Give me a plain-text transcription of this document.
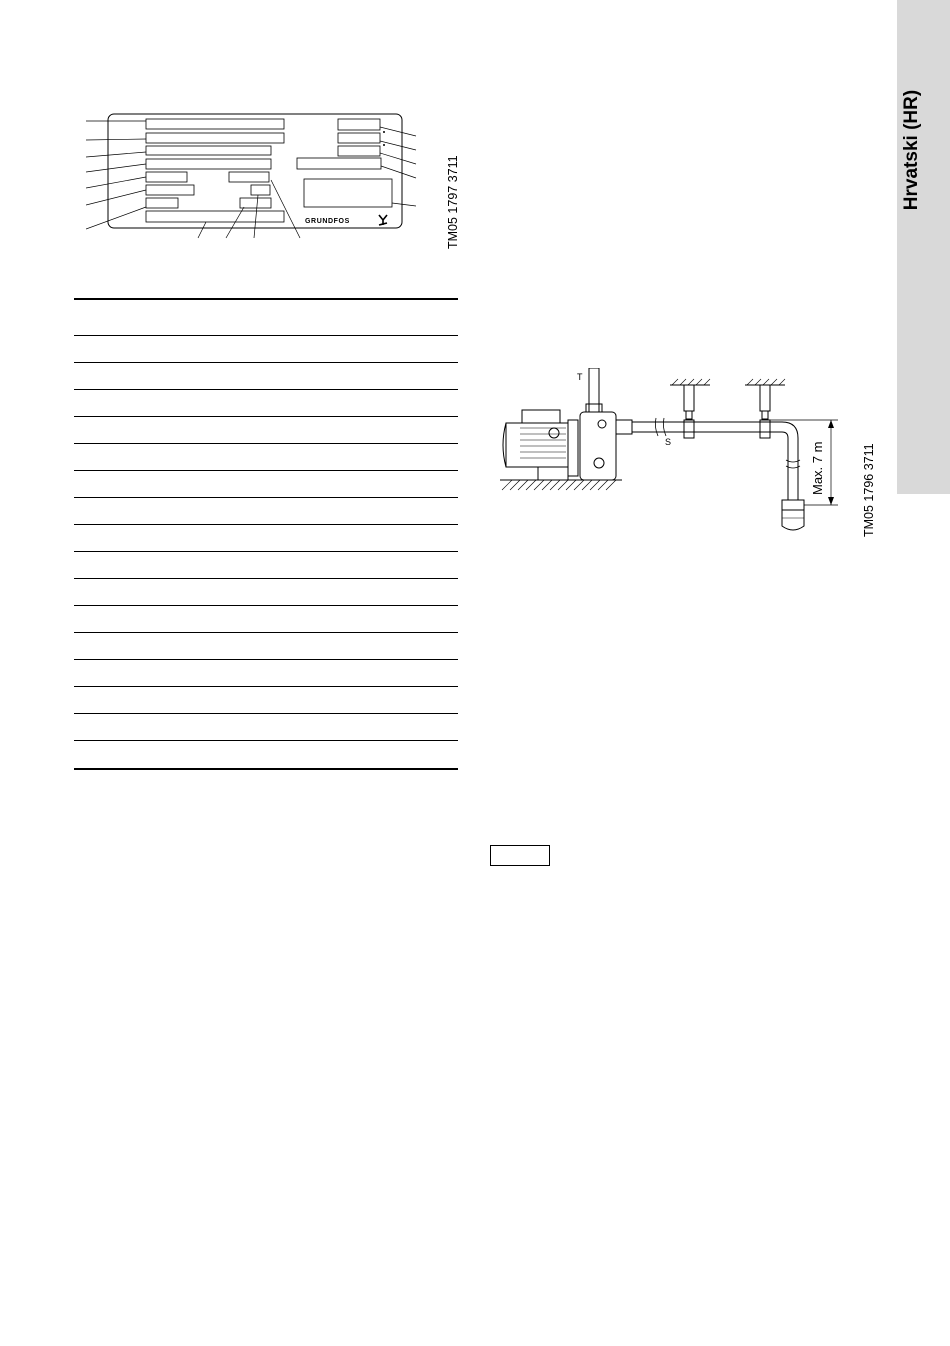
Hrvatski (HR)
GRUNDFOS	TM05 1797 3711
T
S	Max. 7 m	TM05 1796 3711
